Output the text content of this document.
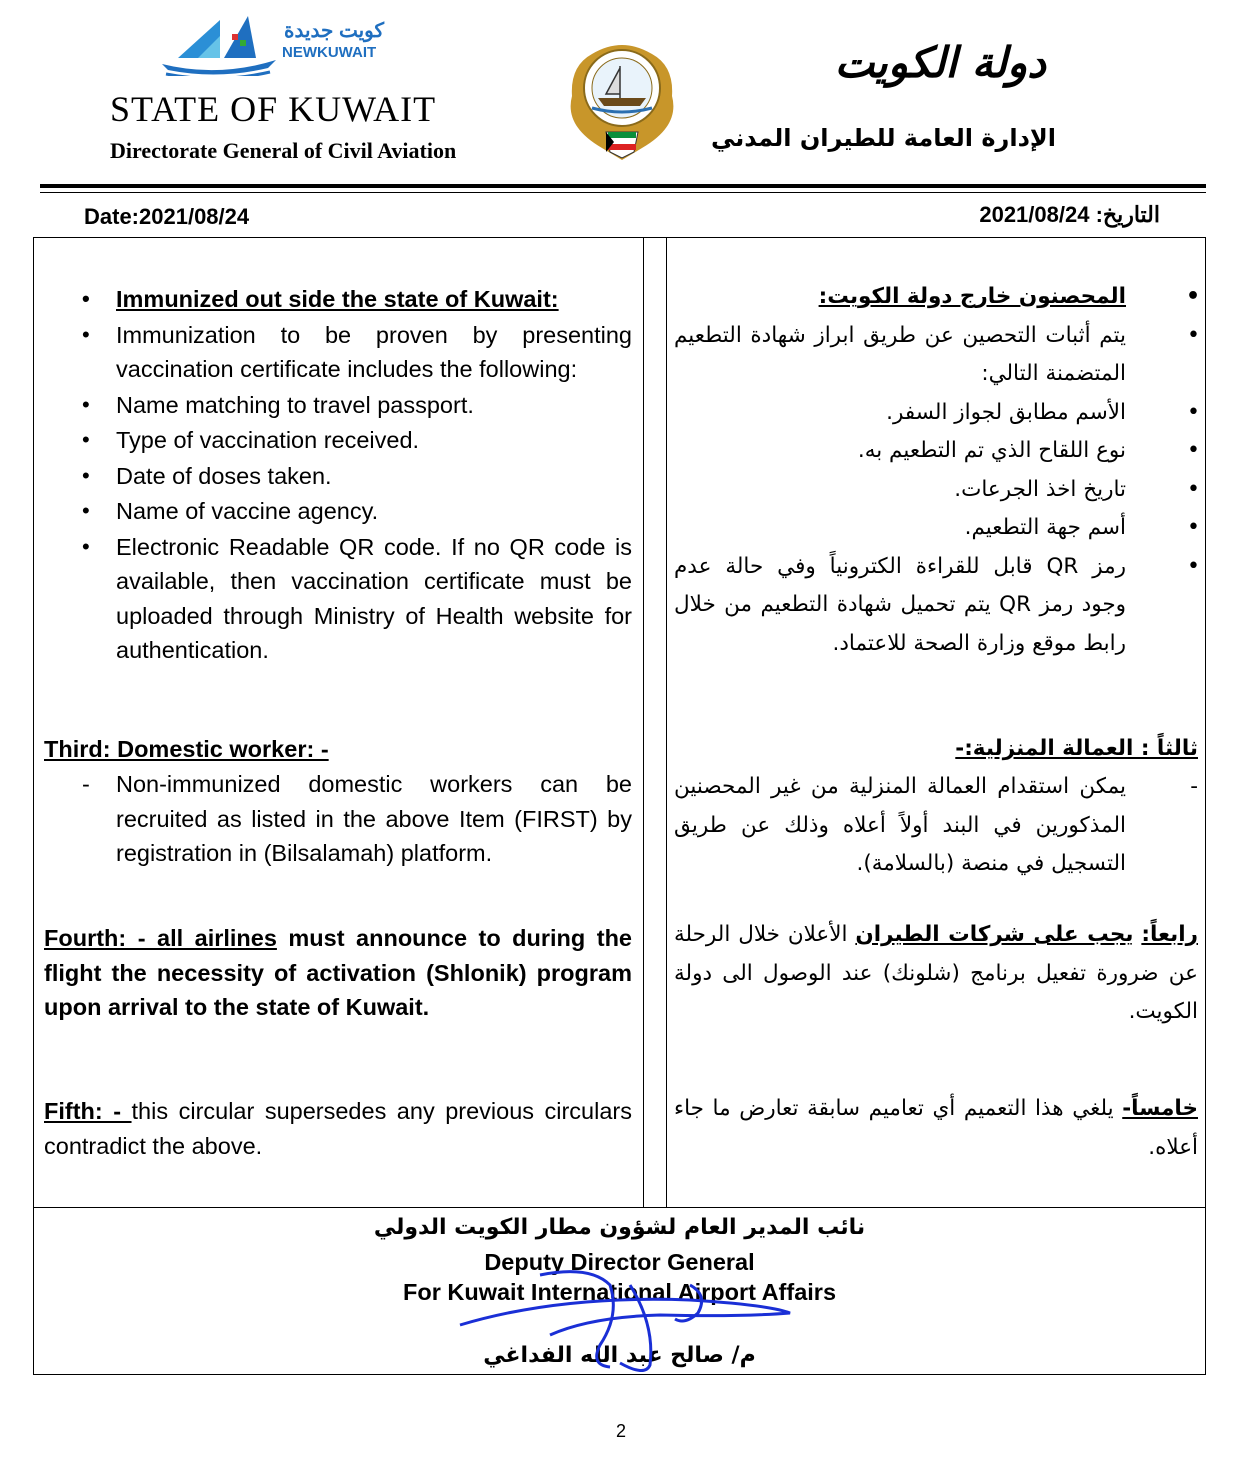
كويت جديدة
NEWKUWAIT
STATE OF KUWAIT
Directorate General of Civil Aviation
دولة الكويت
الإدارة العامة للطيران المدني
Date:2021/08/24	التاريخ: 2021/08/24
• Immunized out side the state of Kuwait:
• Immunization to be proven by presenting vaccination certificate includes the following:
• Name matching to travel passport.
• Type of vaccination received.
• Date of doses taken.
• Name of vaccine agency.
• Electronic Readable QR code. If no QR code is available, then vaccination certificate must be uploaded through Ministry of Health website for authentication.
Third: Domestic worker: -
- Non-immunized domestic workers can be recruited as listed in the above Item (FIRST) by registration in (Bilsalamah) platform.
Fourth: - all airlines must announce to during the flight the necessity of activation (Shlonik) program upon arrival to the state of Kuwait.
Fifth: - this circular supersedes any previous circulars contradict the above.
• المحصنون خارج دولة الكويت:
• يتم أثبات التحصين عن طريق ابراز شهادة التطعيم المتضمنة التالي:
• الأسم مطابق لجواز السفر.
• نوع اللقاح الذي تم التطعيم به.
• تاريخ اخذ الجرعات.
• أسم جهة التطعيم.
• رمز QR قابل للقراءة الكترونياً وفي حالة عدم وجود رمز QR يتم تحميل شهادة التطعيم من خلال رابط موقع وزارة الصحة للاعتماد.
ثالثاً : العمالة المنزلية:-
- يمكن استقدام العمالة المنزلية من غير المحصنين المذكورين في البند أولاً أعلاه وذلك عن طريق التسجيل في منصة (بالسلامة).
رابعاً: يجب على شركات الطيران الأعلان خلال الرحلة عن ضرورة تفعيل برنامج (شلونك) عند الوصول الى دولة الكويت.
خامساً- يلغي هذا التعميم أي تعاميم سابقة تعارض ما جاء أعلاه.
نائب المدير العام لشؤون مطار الكويت الدولي
Deputy Director General
For Kuwait International Airport Affairs
م/ صالح عبد الله الفداغي
2
